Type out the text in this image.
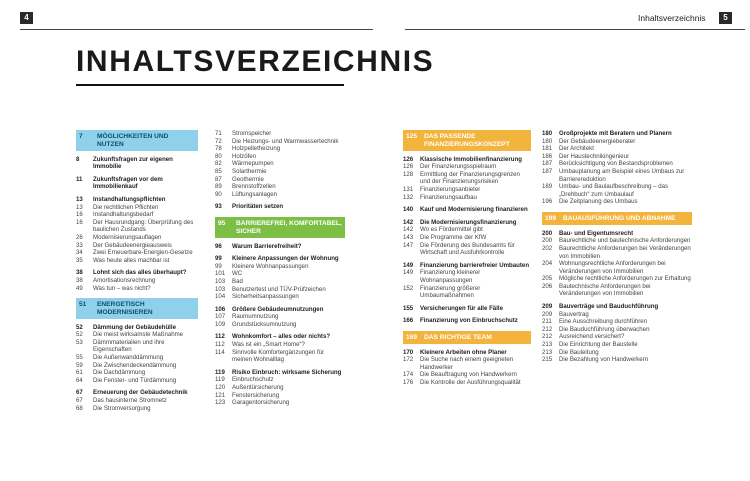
4	Inhaltsverzeichnis	5
INHALTSVERZEICHNIS
7	MÖGLICHKEITEN UND NUTZEN
8	Zukunftsfragen zur eigenen Immobilie
11	Zukunftsfragen vor dem Immobilienkauf
13	Instandhaltungspflichten
13	Die rechtlichen Pflichten
16	Instandhaltungsbedarf
16	Der Hausrundgang: Überprüfung des baulichen Zustands
26	Modernisierungsauflagen
33	Der Gebäudeenergieausweis
34	Zwei Erneuerbare-Energien-Gesetze
35	Was heute alles machbar ist
38	Lohnt sich das alles überhaupt?
38	Amortisationsrechnung
49	Was tun – was nicht?
51	ENERGETISCH MODERNISIEREN
52	Dämmung der Gebäudehülle
52	Die meist wirksamste Maßnahme
53	Dämmmaterialien und ihre Eigenschaften
55	Die Außenwanddämmung
59	Die Zwischendeckendämmung
61	Die Dachdämmung
64	Die Fenster- und Türdämmung
67	Erneuerung der Gebäudetechnik
67	Das hausinterne Stromnetz
68	Die Stromversorgung
71	Stromspeicher
72	Die Heizungs- und Warmwassertechnik
78	Holzpelletheizung
80	Holzöfen
82	Wärmepumpen
85	Solarthermie
87	Geothermie
89	Brennstoffzellen
90	Lüftungsanlagen
93	Prioritäten setzen
95	BARRIEREFREI, KOMFORTABEL, SICHER
96	Warum Barrierefreiheit?
99	Kleinere Anpassungen der Wohnung
99	Kleinere Wohnanpassungen
101	WC
103	Bad
103	Benutzertest und TÜV-Prüfzeichen
104	Sicherheitsanpassungen
106	Größere Gebäudeumnutzungen
107	Raumumnutzung
109	Grundstücksumnutzung
112	Wohnkomfort – alles oder nichts?
112	Was ist ein „Smart Home“?
114	Sinnvolle Komfortergänzungen für meinen Wohnalltag
119	Risiko Einbruch: wirksame Sicherung
119	Einbruchschutz
120	Außentürsicherung
121	Fenstersicherung
123	Garagentorsicherung
125	DAS PASSENDE FINANZIERUNGSKONZEPT
126	Klassische Immobilienfinanzierung
126	Der Finanzierungsspielraum
128	Ermittlung der Finanzierungsgrenzen und der Finanzierungsrisiken
131	Finanzierungsanbieter
132	Finanzierungsaufbau
140	Kauf und Modernisierung finanzieren
142	Die Modernisierungsfinanzierung
142	Wo es Fördermittel gibt
143	Die Programme der KfW
147	Die Förderung des Bundesamts für Wirtschaft und Ausfuhrkontrolle
149	Finanzierung barrierefreier Umbauten
149	Finanzierung kleinerer Wohnanpassungen
152	Finanzierung größerer Umbaumaßnahmen
155	Versicherungen für alle Fälle
166	Finanzierung von Einbruchschutz
169	DAS RICHTIGE TEAM
170	Kleinere Arbeiten ohne Planer
172	Die Suche nach einem geeigneten Handwerker
174	Die Beauftragung von Handwerkern
176	Die Kontrolle der Ausführungsqualität
180	Großprojekte mit Beratern und Planern
180	Der Gebäudeenergieberater
181	Der Architekt
186	Der Haustechnikingenieur
187	Berücksichtigung von Bestandsproblemen
187	Umbauplanung am Beispiel eines Umbaus zur Barrierereduktion
189	Umbau- und Baulaufbeschreibung – das „Drehbuch“ zum Umbaulauf
196	Die Zeitplanung des Umbaus
199	BAUAUSFÜHRUNG UND ABNAHME
200	Bau- und Eigentumsrecht
200	Baurechtliche und bautechnische Anforderungen
202	Baurechtliche Anforderungen bei Veränderungen von Immobilien
204	Wohnungsrechtliche Anforderungen bei Veränderungen von Immobilien
205	Mögliche rechtliche Anforderungen zur Erhaltung
206	Bautechnische Anforderungen bei Veränderungen von Immobilien
209	Bauverträge und Bauduchführung
209	Bauvertrag
211	Eine Ausschreibung durchführen
212	Die Bauduchführung überwachen
212	Ausreichend versichert?
213	Die Einrichtung der Baustelle
213	Die Bauleitung
215	Die Bezahlung von Handwerkern
